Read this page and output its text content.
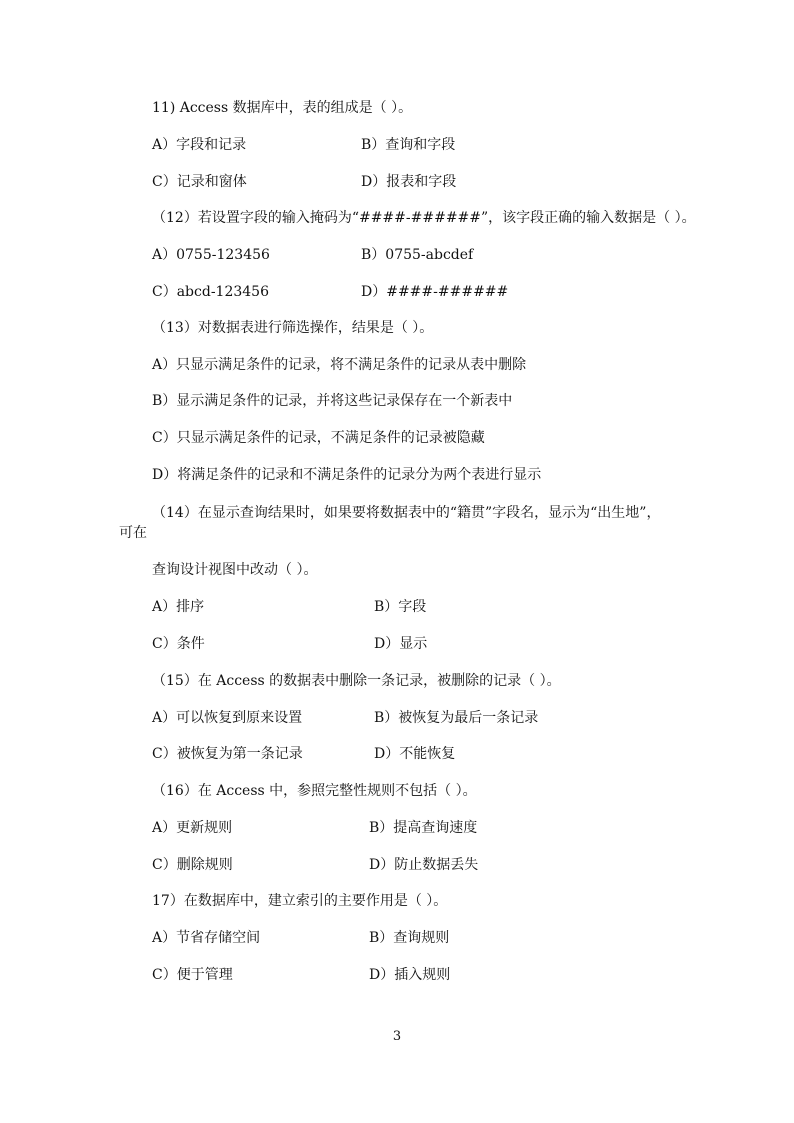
11) Access 数据库中，表的组成是（ ）。
A）字段和记录	B）查询和字段
C）记录和窗体	D）报表和字段
（12）若设置字段的输入掩码为“####-######”，该字段正确的输入数据是（ ）。
A）0755-123456	B）0755-abcdef
C）abcd-123456	D）####-######
（13）对数据表进行筛选操作，结果是（ ）。
A）只显示满足条件的记录，将不满足条件的记录从表中删除
B）显示满足条件的记录，并将这些记录保存在一个新表中
C）只显示满足条件的记录，不满足条件的记录被隐藏
D）将满足条件的记录和不满足条件的记录分为两个表进行显示
（14）在显示查询结果时，如果要将数据表中的“籍贯”字段名，显示为“出生地”，
可在
查询设计视图中改动（ ）。
A）排序	B）字段
C）条件	D）显示
（15）在 Access 的数据表中删除一条记录，被删除的记录（ ）。
A）可以恢复到原来设置	B）被恢复为最后一条记录
C）被恢复为第一条记录	D）不能恢复
（16）在 Access 中，参照完整性规则不包括（ ）。
A）更新规则	B）提高查询速度
C）删除规则	D）防止数据丢失
17）在数据库中，建立索引的主要作用是（ ）。
A）节省存储空间	B）查询规则
C）便于管理	D）插入规则
3
